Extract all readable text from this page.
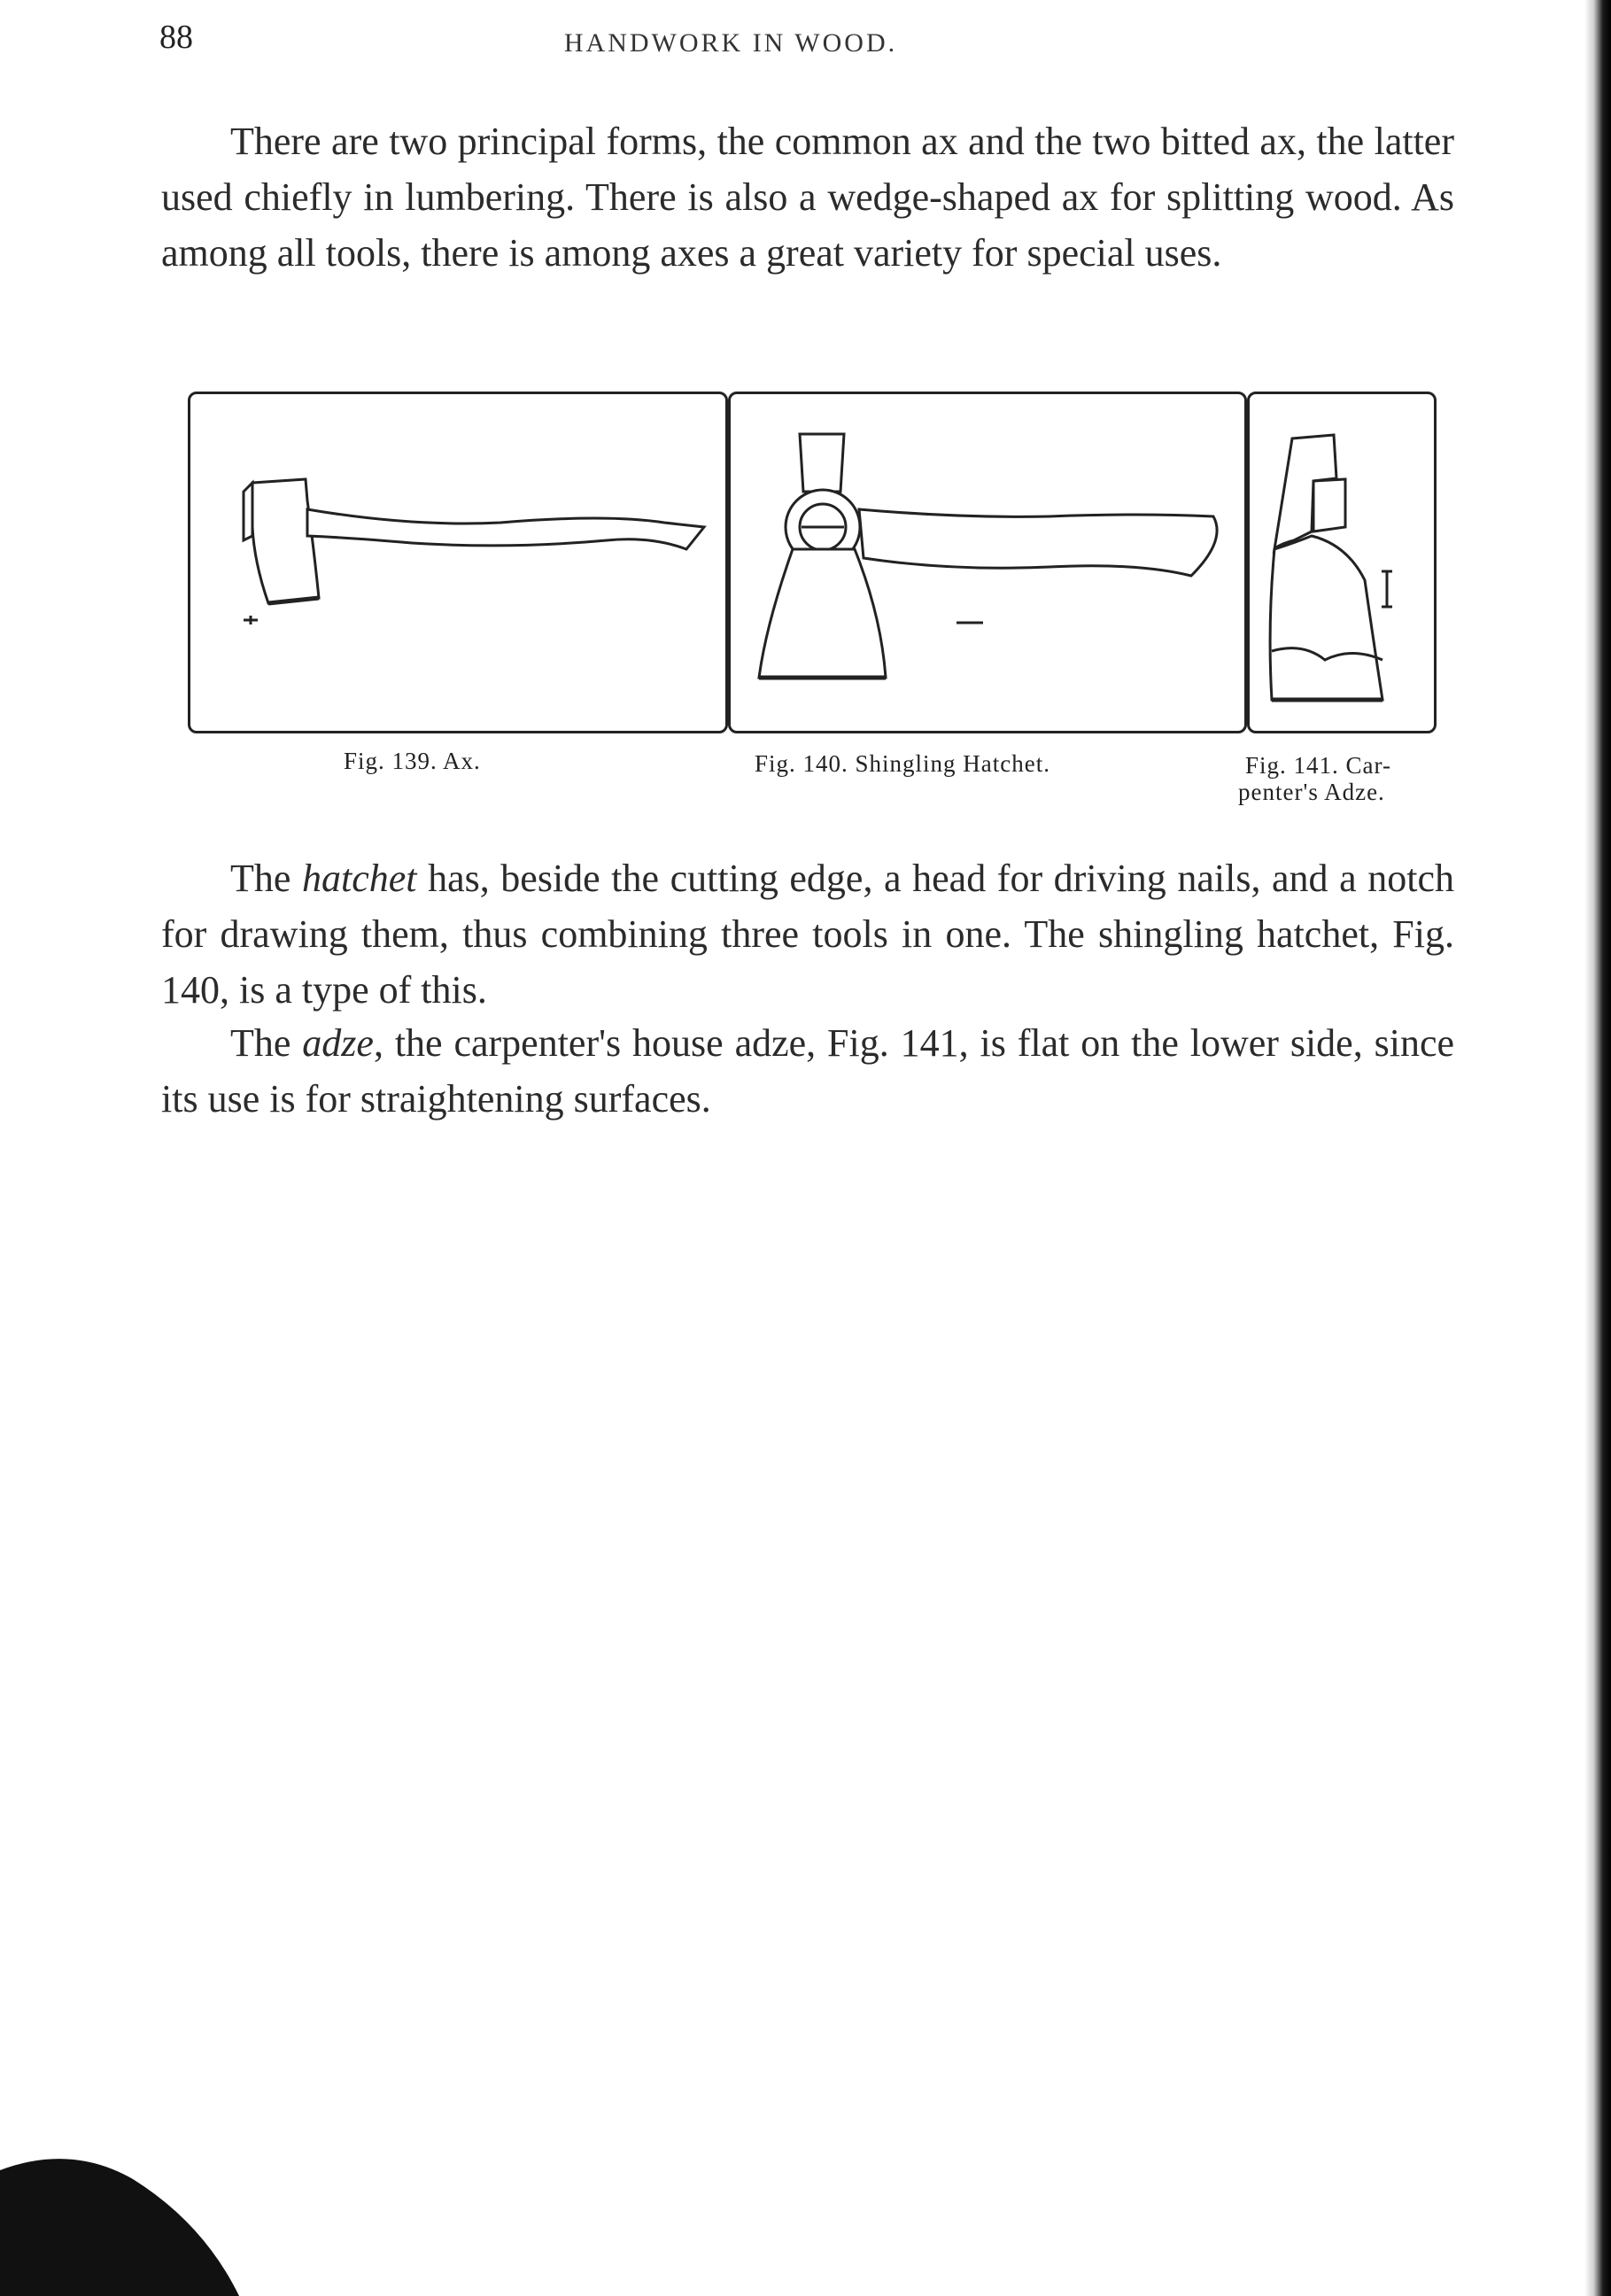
88	HANDWORK IN WOOD.

There are two principal forms, the common ax and the two bitted ax, the latter used chiefly in lumbering. There is also a wedge-shaped ax for splitting wood. As among all tools, there is among axes a great variety for special uses.

Fig. 139. Ax.	Fig. 140. Shingling Hatchet.	Fig. 141. Car-
penter's Adze.

The hatchet has, beside the cutting edge, a head for driving nails, and a notch for drawing them, thus combining three tools in one. The shingling hatchet, Fig. 140, is a type of this.

The adze, the carpenter's house adze, Fig. 141, is flat on the lower side, since its use is for straightening surfaces.
